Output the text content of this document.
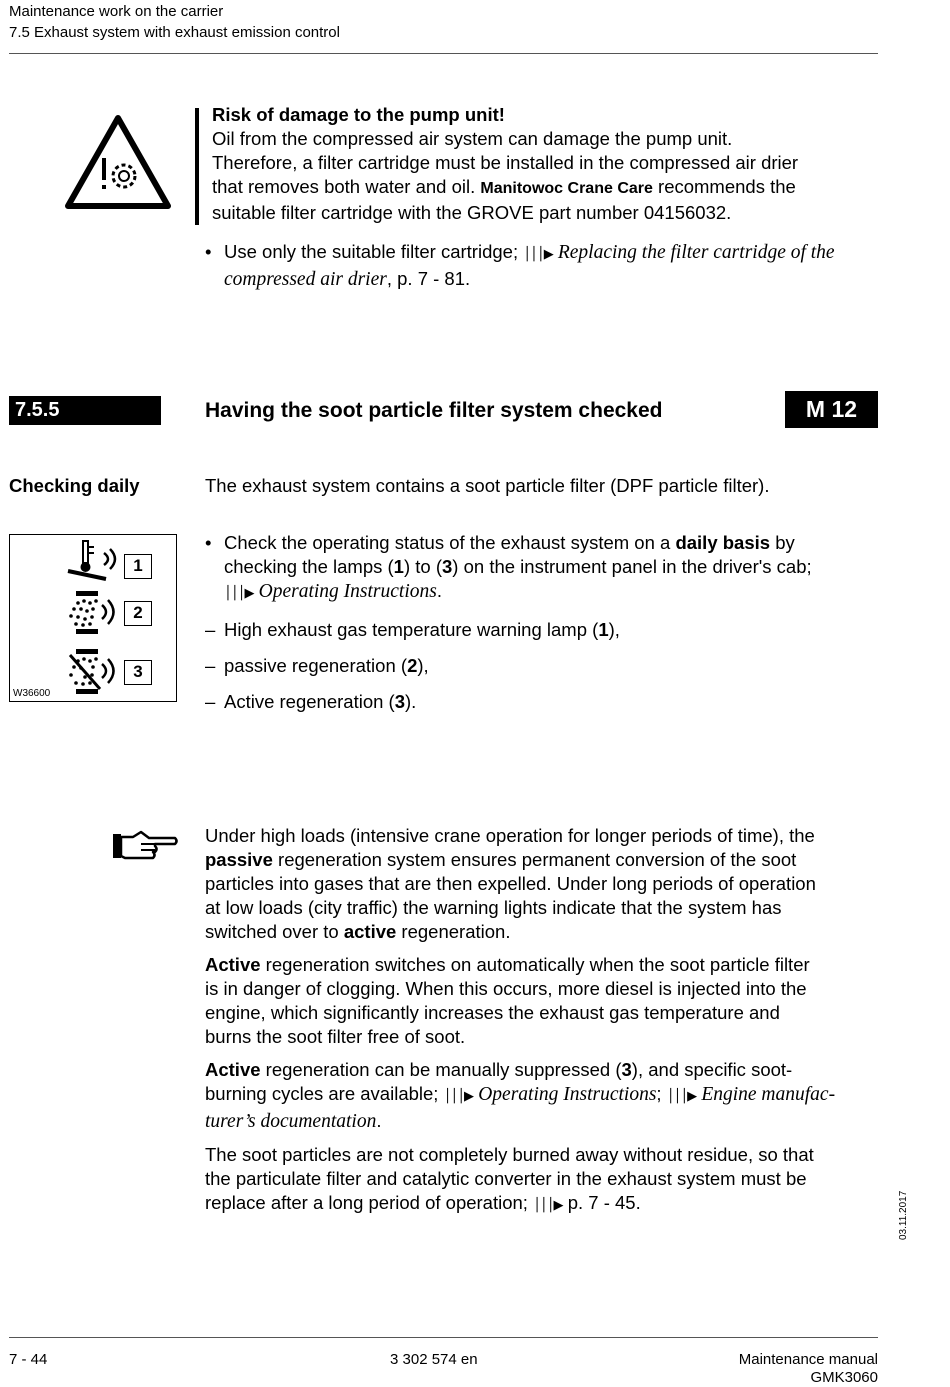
Maintenance work on the carrier
7.5 Exhaust system with exhaust emission control
Risk of damage to the pump unit!
Oil from the compressed air system can damage the pump unit.
Therefore, a filter cartridge must be installed in the compressed air drier
that removes both water and oil. Manitowoc Crane Care recommends the
suitable filter cartridge with the GROVE part number 04156032.
• Use only the suitable filter cartridge; │││▶ Replacing the filter cartridge of the
compressed air drier, p. 7 - 81.
7.5.5	Having the soot particle filter system checked	M 12
Checking daily	The exhaust system contains a soot particle filter (DPF particle filter).
1
2
3
W36600
• Check the operating status of the exhaust system on a daily basis by
checking the lamps (1) to (3) on the instrument panel in the driver's cab;
│││▶ Operating Instructions.
– High exhaust gas temperature warning lamp (1),
– passive regeneration (2),
– Active regeneration (3).

Under high loads (intensive crane operation for longer periods of time), the
passive regeneration system ensures permanent conversion of the soot
particles into gases that are then expelled. Under long periods of operation
at low loads (city traffic) the warning lights indicate that the system has
switched over to active regeneration.

Active regeneration switches on automatically when the soot particle filter
is in danger of clogging. When this occurs, more diesel is injected into the
engine, which significantly increases the exhaust gas temperature and
burns the soot filter free of soot.

Active regeneration can be manually suppressed (3), and specific soot-
burning cycles are available; │││▶ Operating Instructions; │││▶ Engine manufac-
turer’s documentation.

The soot particles are not completely burned away without residue, so that
the particulate filter and catalytic converter in the exhaust system must be
replace after a long period of operation; │││▶ p. 7 - 45.	03.11.2017
7 - 44	3 302 574 en	Maintenance manual
GMK3060
